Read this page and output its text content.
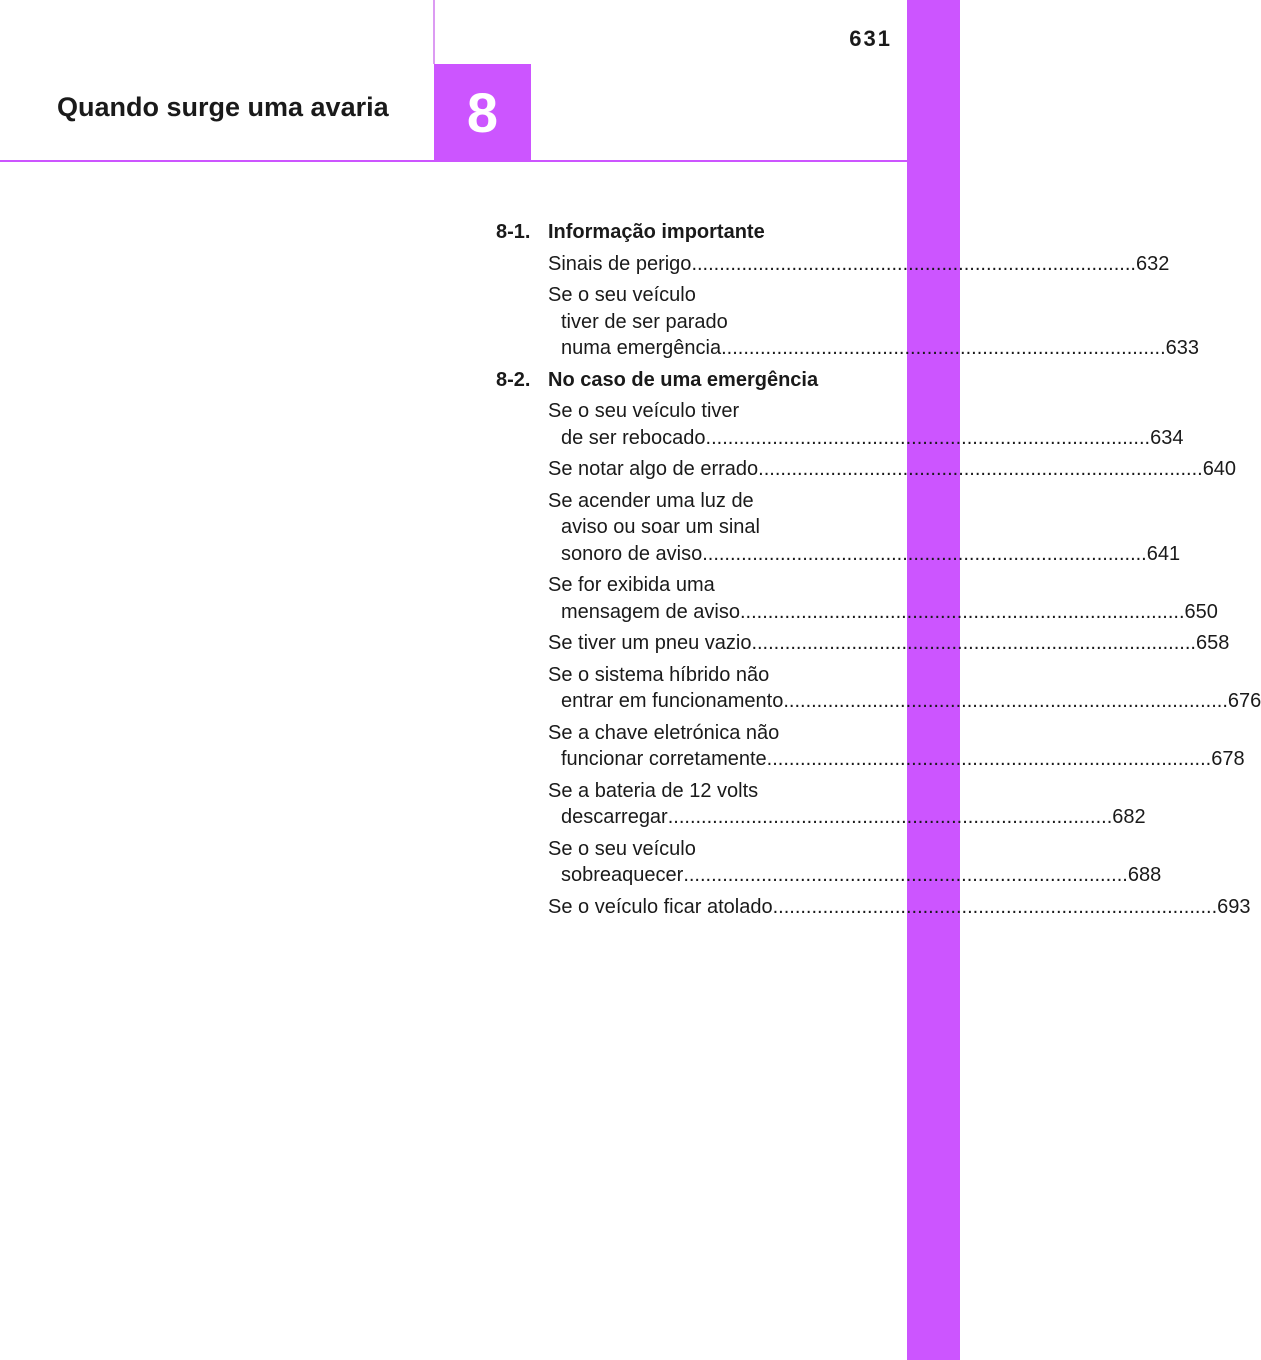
631
Quando surge uma avaria 8
8-1. Informação importante
Sinais de perigo ................................................................................ 632
Se o seu veículo
tiver de ser parado
numa emergência ................................................................................ 633
8-2. No caso de uma emergência
Se o seu veículo tiver
de ser rebocado ................................................................................ 634
Se notar algo de errado ................................................................................ 640
Se acender uma luz de
aviso ou soar um sinal
sonoro de aviso ................................................................................ 641
Se for exibida uma
mensagem de aviso ................................................................................ 650
Se tiver um pneu vazio ................................................................................ 658
Se o sistema híbrido não
entrar em funcionamento ................................................................................ 676
Se a chave eletrónica não
funcionar corretamente ................................................................................ 678
Se a bateria de 12 volts
descarregar ................................................................................ 682
Se o seu veículo
sobreaquecer ................................................................................ 688
Se o veículo ficar atolado ................................................................................ 693
